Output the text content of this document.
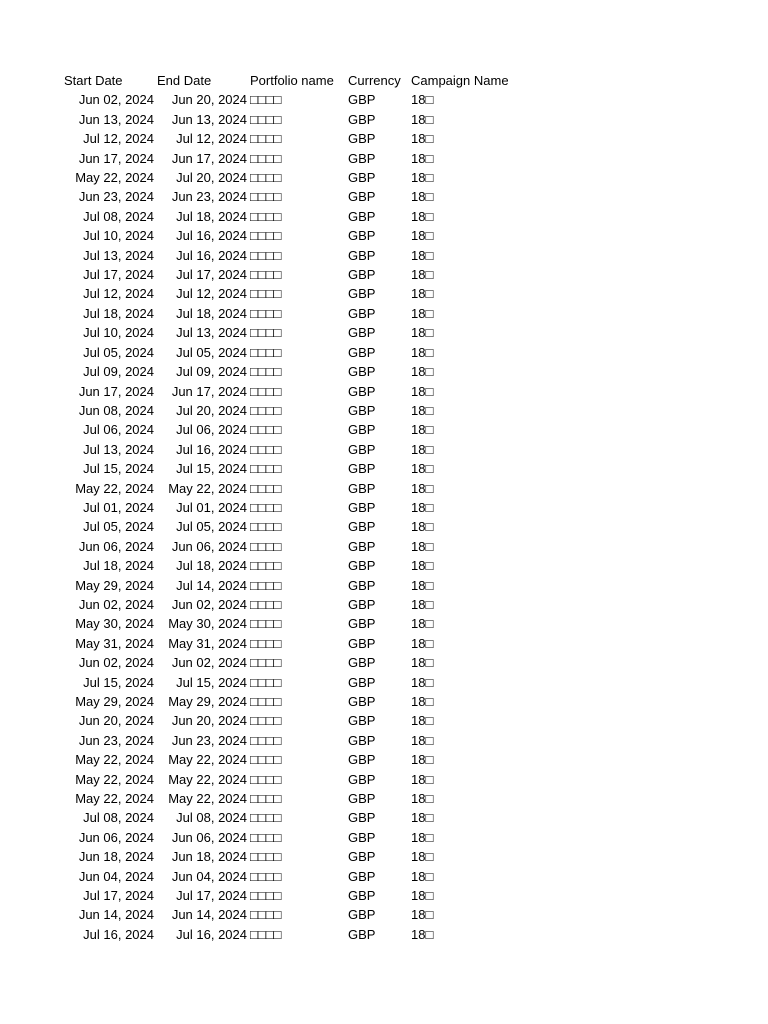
Start Date	End Date	Portfolio name	Currency	Campaign Name
Jun 02, 2024	Jun 20, 2024	□□□□	GBP	18□
Jun 13, 2024	Jun 13, 2024	□□□□	GBP	18□
Jul 12, 2024	Jul 12, 2024	□□□□	GBP	18□
Jun 17, 2024	Jun 17, 2024	□□□□	GBP	18□
May 22, 2024	Jul 20, 2024	□□□□	GBP	18□
Jun 23, 2024	Jun 23, 2024	□□□□	GBP	18□
Jul 08, 2024	Jul 18, 2024	□□□□	GBP	18□
Jul 10, 2024	Jul 16, 2024	□□□□	GBP	18□
Jul 13, 2024	Jul 16, 2024	□□□□	GBP	18□
Jul 17, 2024	Jul 17, 2024	□□□□	GBP	18□
Jul 12, 2024	Jul 12, 2024	□□□□	GBP	18□
Jul 18, 2024	Jul 18, 2024	□□□□	GBP	18□
Jul 10, 2024	Jul 13, 2024	□□□□	GBP	18□
Jul 05, 2024	Jul 05, 2024	□□□□	GBP	18□
Jul 09, 2024	Jul 09, 2024	□□□□	GBP	18□
Jun 17, 2024	Jun 17, 2024	□□□□	GBP	18□
Jun 08, 2024	Jul 20, 2024	□□□□	GBP	18□
Jul 06, 2024	Jul 06, 2024	□□□□	GBP	18□
Jul 13, 2024	Jul 16, 2024	□□□□	GBP	18□
Jul 15, 2024	Jul 15, 2024	□□□□	GBP	18□
May 22, 2024	May 22, 2024	□□□□	GBP	18□
Jul 01, 2024	Jul 01, 2024	□□□□	GBP	18□
Jul 05, 2024	Jul 05, 2024	□□□□	GBP	18□
Jun 06, 2024	Jun 06, 2024	□□□□	GBP	18□
Jul 18, 2024	Jul 18, 2024	□□□□	GBP	18□
May 29, 2024	Jul 14, 2024	□□□□	GBP	18□
Jun 02, 2024	Jun 02, 2024	□□□□	GBP	18□
May 30, 2024	May 30, 2024	□□□□	GBP	18□
May 31, 2024	May 31, 2024	□□□□	GBP	18□
Jun 02, 2024	Jun 02, 2024	□□□□	GBP	18□
Jul 15, 2024	Jul 15, 2024	□□□□	GBP	18□
May 29, 2024	May 29, 2024	□□□□	GBP	18□
Jun 20, 2024	Jun 20, 2024	□□□□	GBP	18□
Jun 23, 2024	Jun 23, 2024	□□□□	GBP	18□
May 22, 2024	May 22, 2024	□□□□	GBP	18□
May 22, 2024	May 22, 2024	□□□□	GBP	18□
May 22, 2024	May 22, 2024	□□□□	GBP	18□
Jul 08, 2024	Jul 08, 2024	□□□□	GBP	18□
Jun 06, 2024	Jun 06, 2024	□□□□	GBP	18□
Jun 18, 2024	Jun 18, 2024	□□□□	GBP	18□
Jun 04, 2024	Jun 04, 2024	□□□□	GBP	18□
Jul 17, 2024	Jul 17, 2024	□□□□	GBP	18□
Jun 14, 2024	Jun 14, 2024	□□□□	GBP	18□
Jul 16, 2024	Jul 16, 2024	□□□□	GBP	18□
